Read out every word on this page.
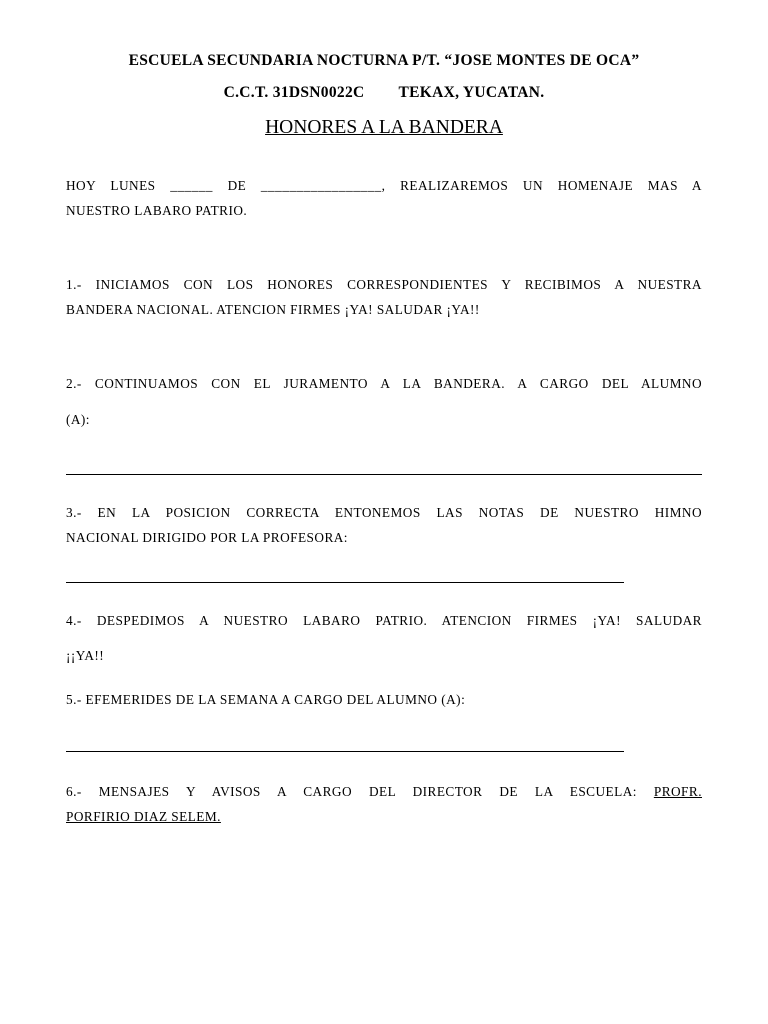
ESCUELA SECUNDARIA NOCTURNA P/T. “JOSE MONTES DE OCA”
C.C.T. 31DSN0022C TEKAX, YUCATAN.
HONORES A LA BANDERA
HOY LUNES ______ DE _________________, REALIZAREMOS UN HOMENAJE MAS A
NUESTRO LABARO PATRIO.
1.- INICIAMOS CON LOS HONORES CORRESPONDIENTES Y RECIBIMOS A NUESTRA
BANDERA NACIONAL. ATENCION FIRMES ¡YA! SALUDAR ¡YA!!
2.- CONTINUAMOS CON EL JURAMENTO A LA BANDERA. A CARGO DEL ALUMNO
(A):
3.- EN LA POSICION CORRECTA ENTONEMOS LAS NOTAS DE NUESTRO HIMNO
NACIONAL DIRIGIDO POR LA PROFESORA:
4.- DESPEDIMOS A NUESTRO LABARO PATRIO. ATENCION FIRMES ¡YA! SALUDAR
¡¡YA!!
5.- EFEMERIDES DE LA SEMANA A CARGO DEL ALUMNO (A):
6.- MENSAJES Y AVISOS A CARGO DEL DIRECTOR DE LA ESCUELA: PROFR.
PORFIRIO DIAZ SELEM.
